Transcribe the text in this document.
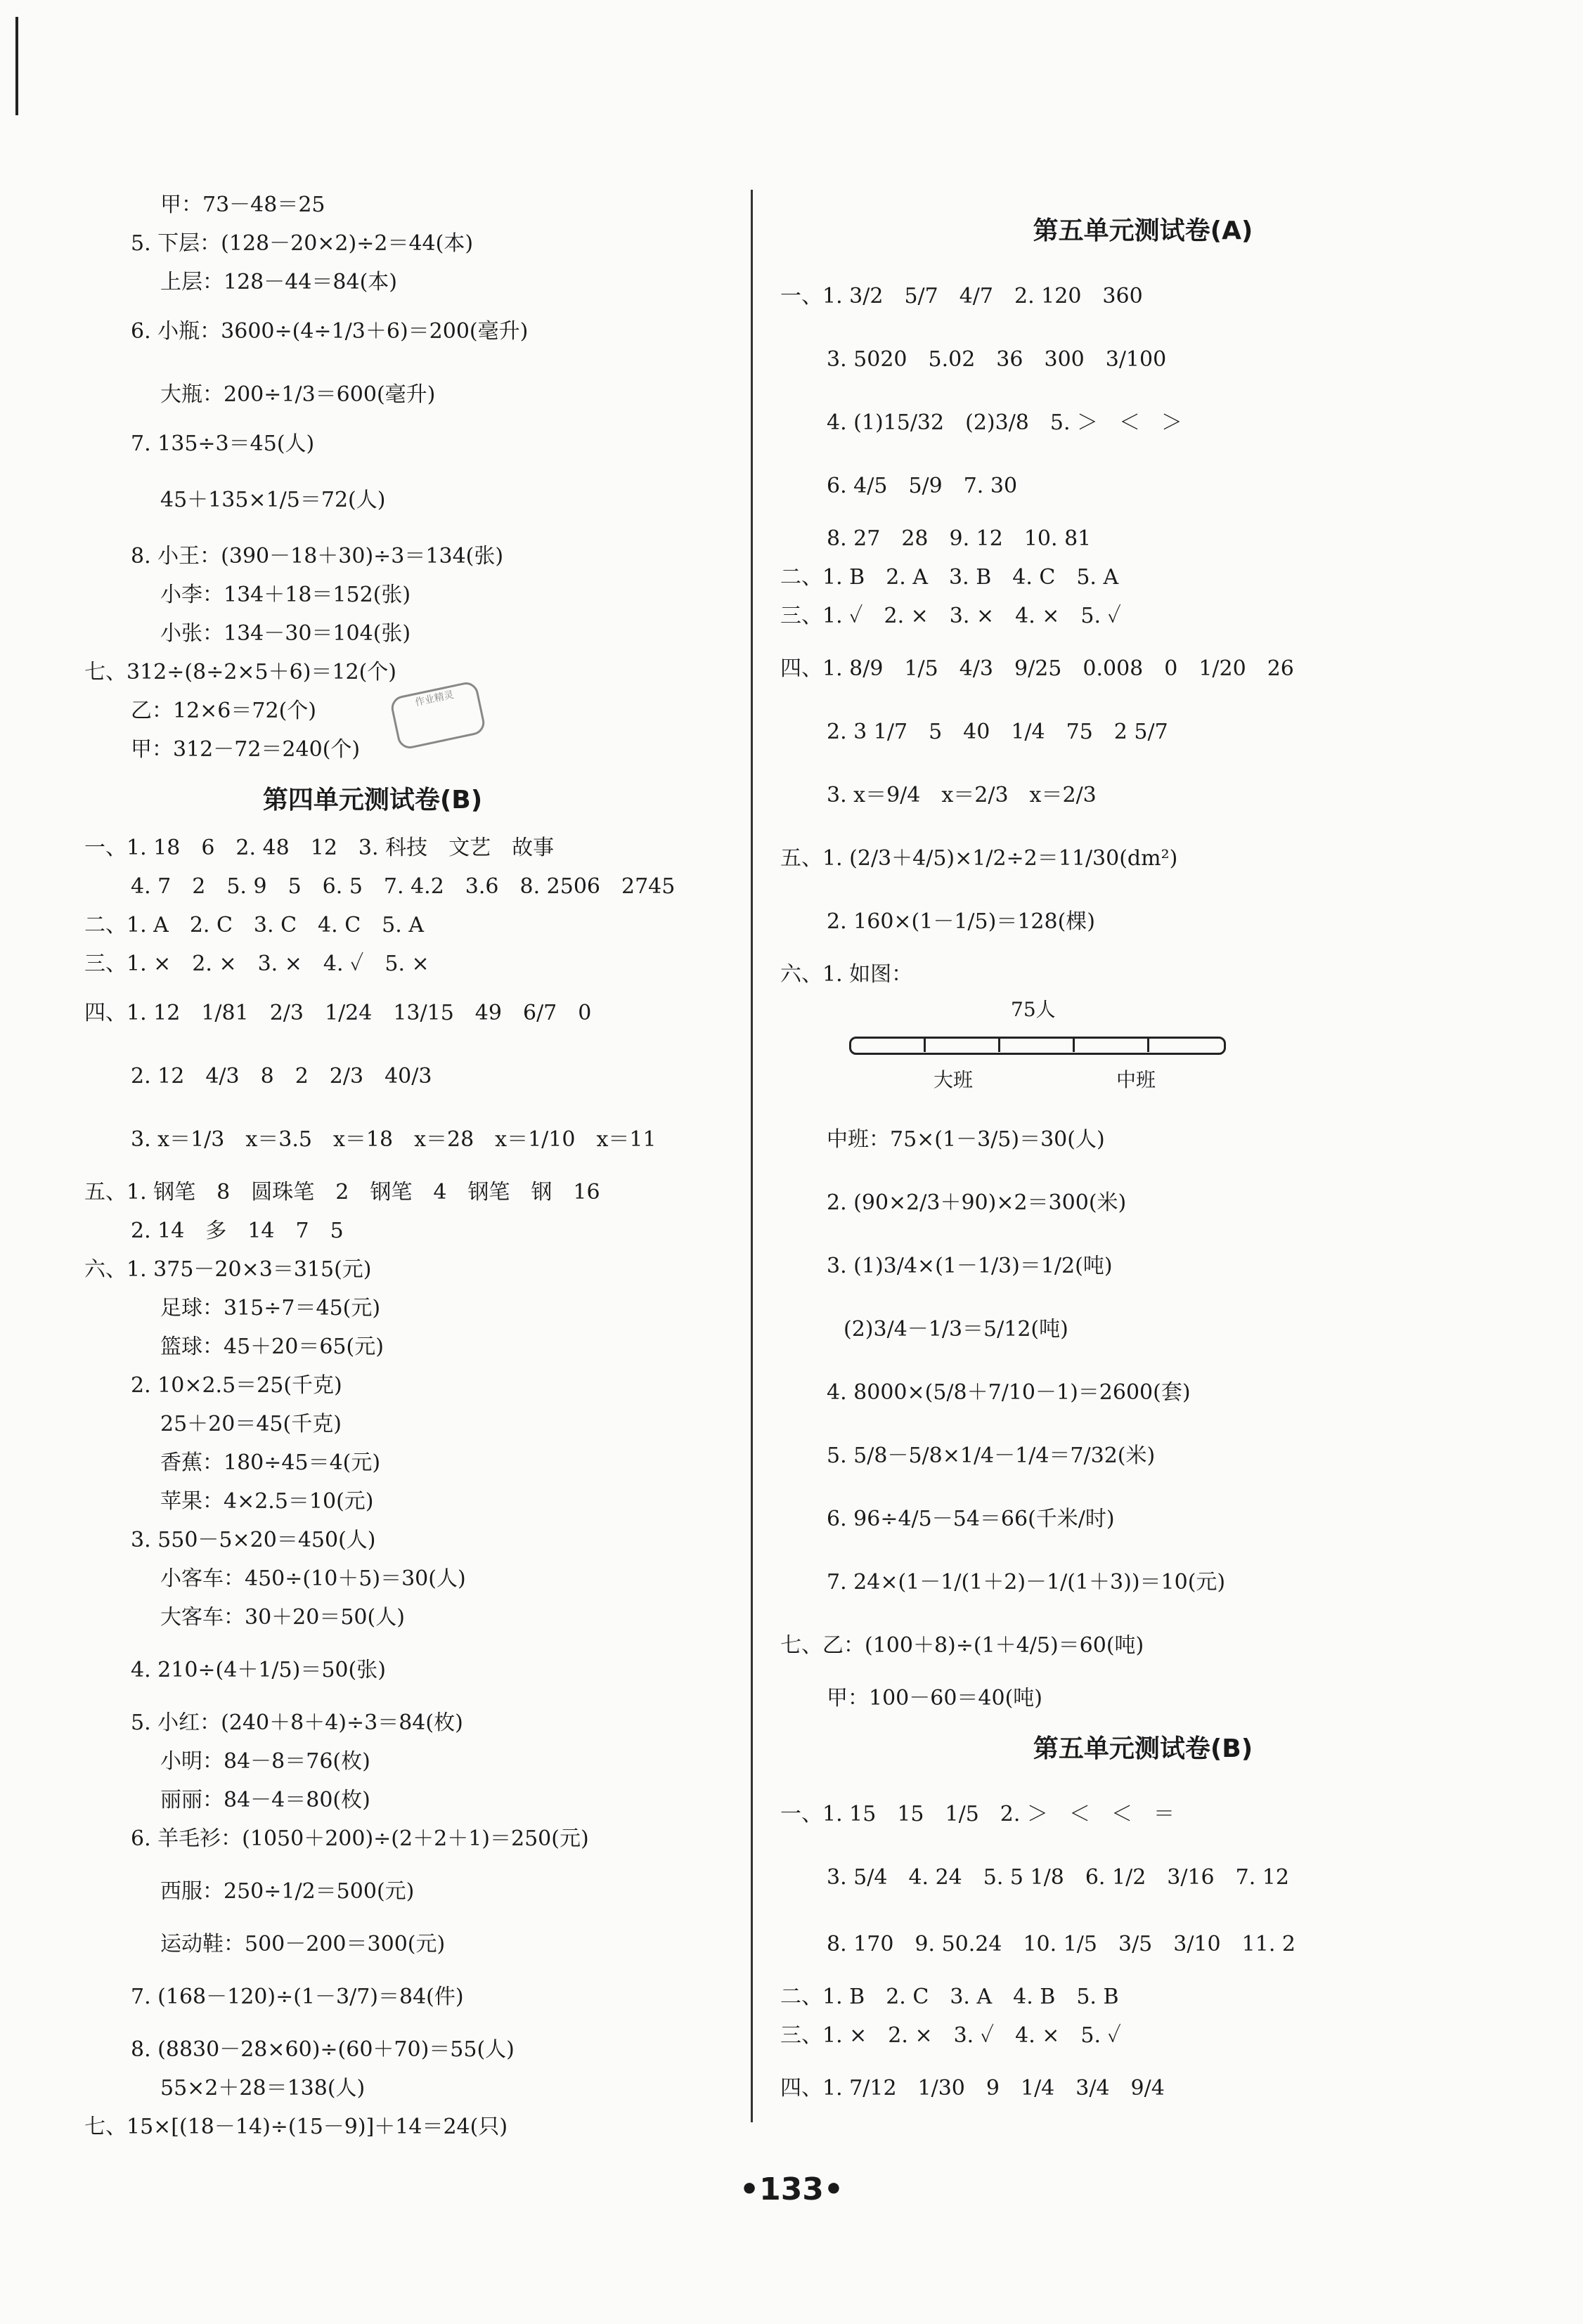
甲：73－48＝25
5. 下层：(128－20×2)÷2＝44(本)
上层：128－44＝84(本)
6. 小瓶：3600÷(4÷1/3＋6)＝200(毫升)
大瓶：200÷1/3＝600(毫升)
7. 135÷3＝45(人)
45＋135×1/5＝72(人)
8. 小王：(390－18＋30)÷3＝134(张)
小李：134＋18＝152(张)
小张：134－30＝104(张)
七、312÷(8÷2×5＋6)＝12(个)
乙：12×6＝72(个)
甲：312－72＝240(个)
作业精灵
第四单元测试卷(B)
一、1. 18　6　2. 48　12　3. 科技　文艺　故事
4. 7　2　5. 9　5　6. 5　7. 4.2　3.6　8. 2506　2745
二、1. A　2. C　3. C　4. C　5. A
三、1. ×　2. ×　3. ×　4. ✓　5. ×
四、1. 12　1/81　2/3　1/24　13/15　49　6/7　0
2. 12　4/3　8　2　2/3　40/3
3. x＝1/3　x＝3.5　x＝18　x＝28　x＝1/10　x＝11
五、1. 钢笔　8　圆珠笔　2　钢笔　4　钢笔　钢　16
2. 14　多　14　7　5
六、1. 375－20×3＝315(元)
足球：315÷7＝45(元)
篮球：45＋20＝65(元)
2. 10×2.5＝25(千克)
25＋20＝45(千克)
香蕉：180÷45＝4(元)
苹果：4×2.5＝10(元)
3. 550－5×20＝450(人)
小客车：450÷(10＋5)＝30(人)
大客车：30＋20＝50(人)
4. 210÷(4＋1/5)＝50(张)
5. 小红：(240＋8＋4)÷3＝84(枚)
小明：84－8＝76(枚)
丽丽：84－4＝80(枚)
6. 羊毛衫：(1050＋200)÷(2＋2＋1)＝250(元)
西服：250÷1/2＝500(元)
运动鞋：500－200＝300(元)
7. (168－120)÷(1－3/7)＝84(件)
8. (8830－28×60)÷(60＋70)＝55(人)
55×2＋28＝138(人)
七、15×[(18－14)÷(15－9)]＋14＝24(只)
第五单元测试卷(A)
一、1. 3/2　5/7　4/7　2. 120　360
3. 5020　5.02　36　300　3/100
4. (1)15/32　(2)3/8　5. ＞　＜　＞
6. 4/5　5/9　7. 30
8. 27　28　9. 12　10. 81
二、1. B　2. A　3. B　4. C　5. A
三、1. ✓　2. ×　3. ×　4. ×　5. ✓
四、1. 8/9　1/5　4/3　9/25　0.008　0　1/20　26
2. 3 1/7　5　40　1/4　75　2 5/7
3. x＝9/4　x＝2/3　x＝2/3
五、1. (2/3＋4/5)×1/2÷2＝11/30(dm²)
2. 160×(1－1/5)＝128(棵)
六、1. 如图：
75人
大班	中班
中班：75×(1－3/5)＝30(人)
2. (90×2/3＋90)×2＝300(米)
3. (1)3/4×(1－1/3)＝1/2(吨)
(2)3/4－1/3＝5/12(吨)
4. 8000×(5/8＋7/10－1)＝2600(套)
5. 5/8－5/8×1/4－1/4＝7/32(米)
6. 96÷4/5－54＝66(千米/时)
7. 24×(1－1/(1＋2)－1/(1＋3))＝10(元)
七、乙：(100＋8)÷(1＋4/5)＝60(吨)
甲：100－60＝40(吨)
第五单元测试卷(B)
一、1. 15　15　1/5　2. ＞　＜　＜　＝
3. 5/4　4. 24　5. 5 1/8　6. 1/2　3/16　7. 12
8. 170　9. 50.24　10. 1/5　3/5　3/10　11. 2
二、1. B　2. C　3. A　4. B　5. B
三、1. ×　2. ×　3. ✓　4. ×　5. ✓
四、1. 7/12　1/30　9　1/4　3/4　9/4
•133•
